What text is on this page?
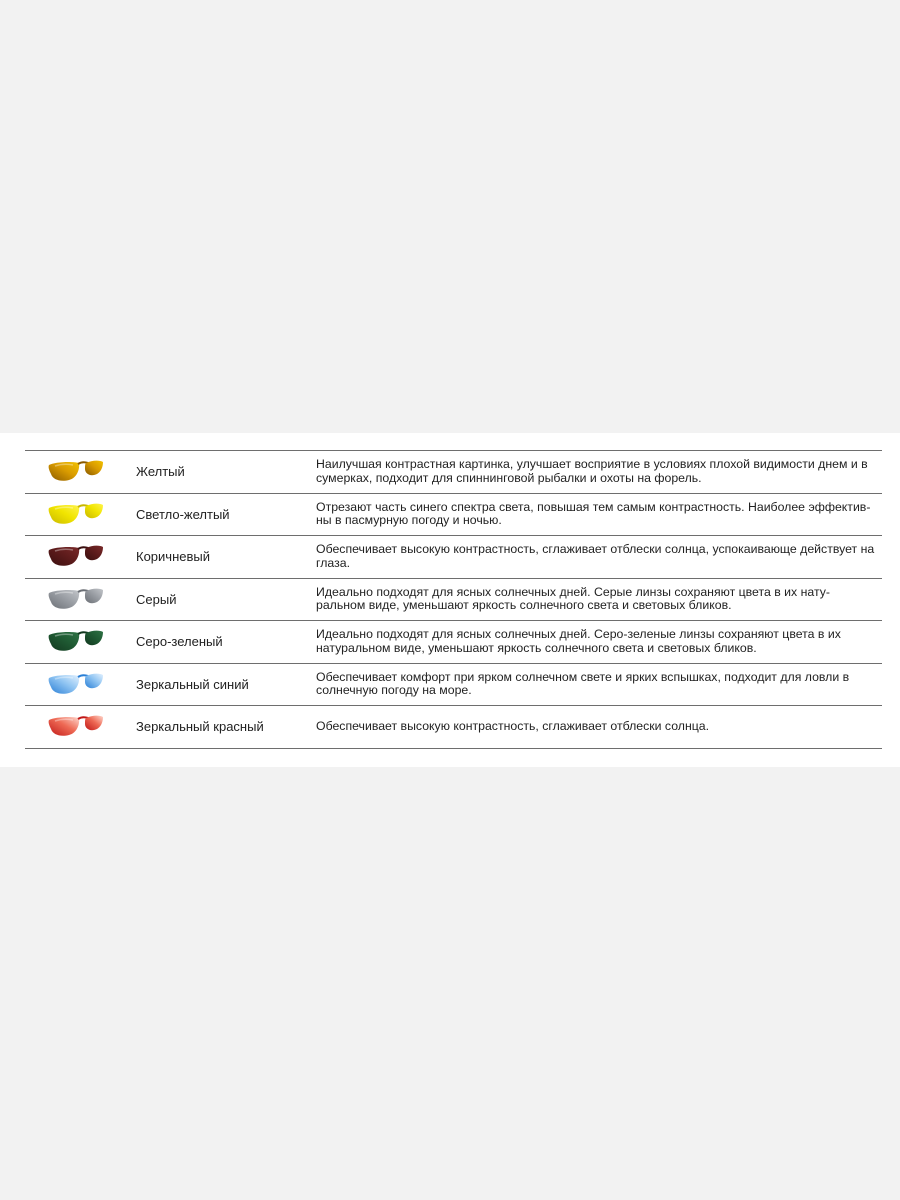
Желтый	Наилучшая контрастная картинка, улучшает восприятие в условиях плохой видимости днем и в сумерках, подходит для спиннинговой рыбалки и охоты на форель.
Светло-желтый	Отрезают часть синего спектра света, повышая тем самым контрастность. Наиболее эффектив-ны в пасмурную погоду и ночью.
Коричневый	Обеспечивает высокую контрастность, сглаживает отблески солнца, успокаивающе действует на глаза.
Серый	Идеально подходят для ясных солнечных дней. Серые линзы сохраняют цвета в их нату-ральном виде, уменьшают яркость солнечного света и световых бликов.
Серо-зеленый	Идеально подходят для ясных солнечных дней. Серо-зеленые линзы сохраняют цвета в их натуральном виде, уменьшают яркость солнечного света и световых бликов.
Зеркальный синий	Обеспечивает комфорт при ярком солнечном свете и ярких вспышках, подходит для ловли в солнечную погоду на море.
Зеркальный красный	Обеспечивает высокую контрастность, сглаживает отблески солнца.
